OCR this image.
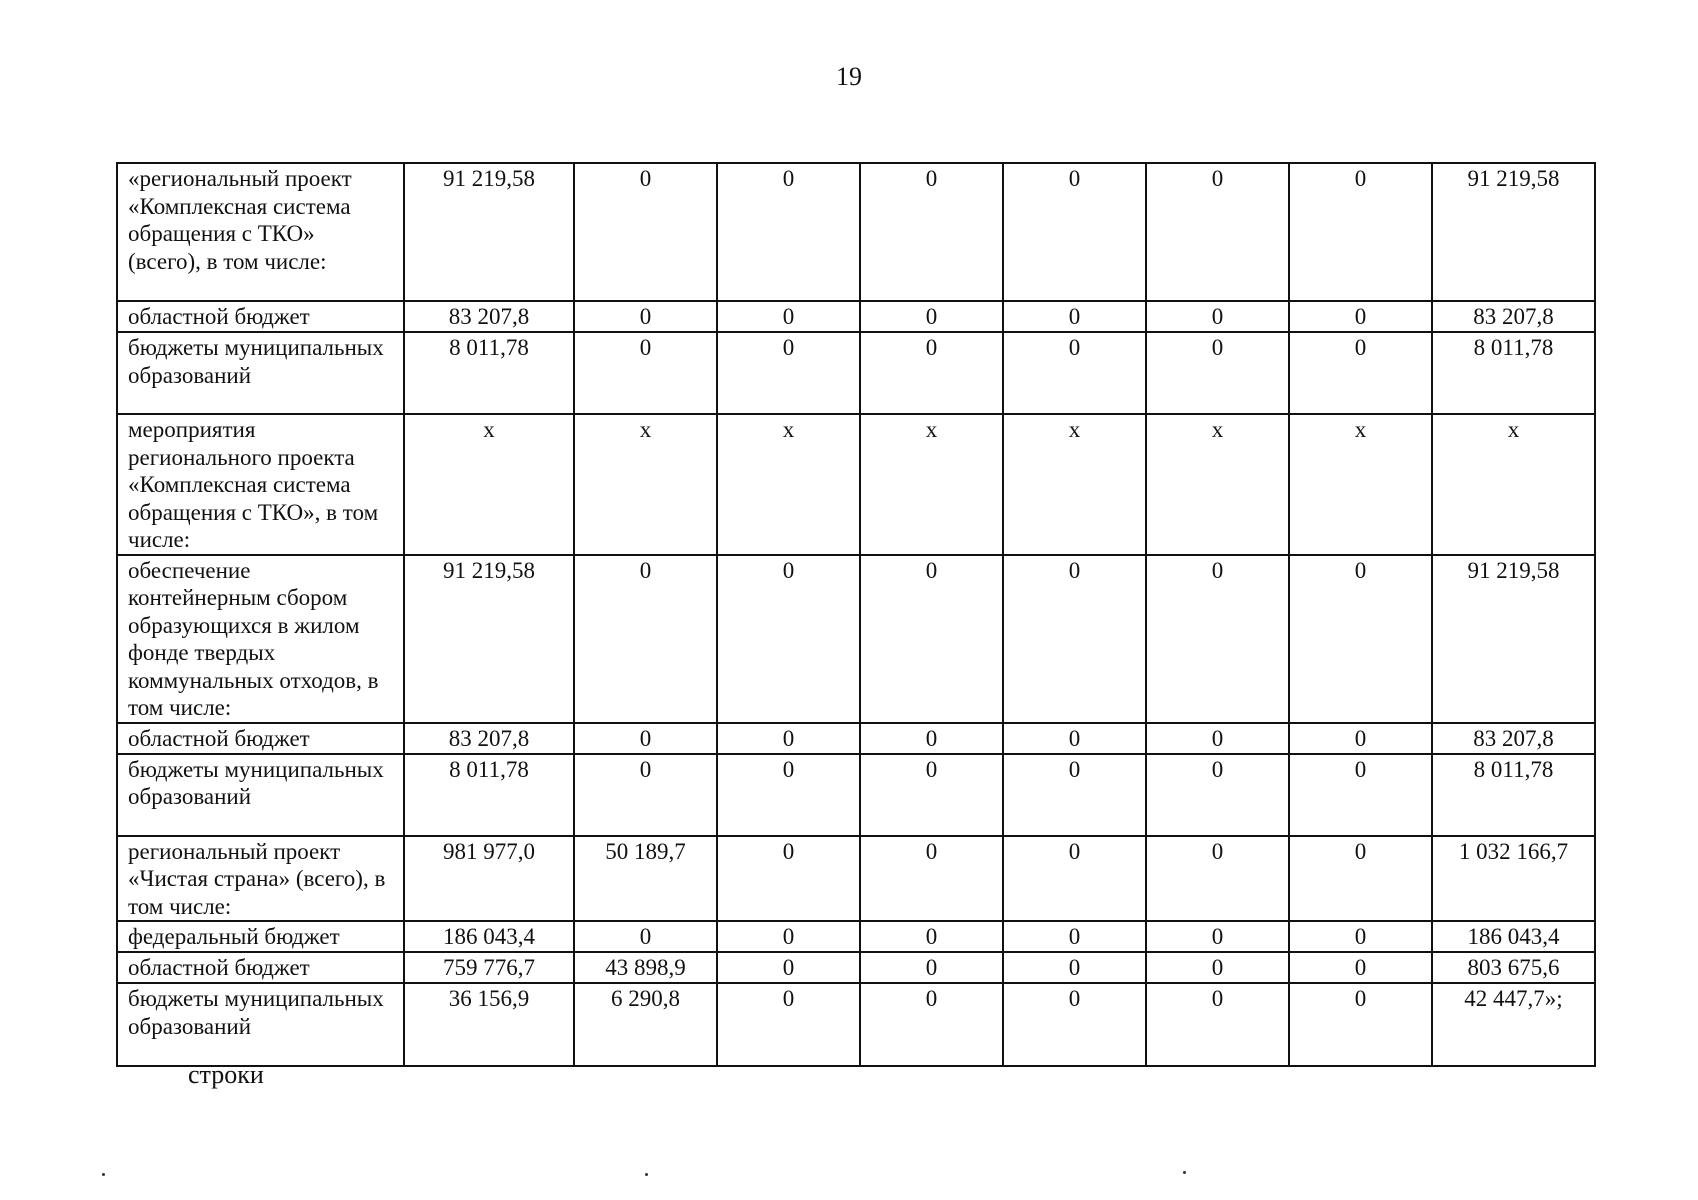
19
«региональный проект «Комплексная система обращения с ТКО» (всего), в том числе:	91 219,58	0	0	0	0	0	0	91 219,58
областной бюджет	83 207,8	0	0	0	0	0	0	83 207,8
бюджеты муниципальных образований	8 011,78	0	0	0	0	0	0	8 011,78
мероприятия регионального проекта «Комплексная система обращения с ТКО», в том числе:	x	x	x	x	x	x	x	x
обеспечение контейнерным сбором образующихся в жилом фонде твердых коммунальных отходов, в том числе:	91 219,58	0	0	0	0	0	0	91 219,58
областной бюджет	83 207,8	0	0	0	0	0	0	83 207,8
бюджеты муниципальных образований	8 011,78	0	0	0	0	0	0	8 011,78
региональный проект «Чистая страна» (всего), в том числе:	981 977,0	50 189,7	0	0	0	0	0	1 032 166,7
федеральный бюджет	186 043,4	0	0	0	0	0	0	186 043,4
областной бюджет	759 776,7	43 898,9	0	0	0	0	0	803 675,6
бюджеты муниципальных образований	36 156,9	6 290,8	0	0	0	0	0	42 447,7»;
строки
